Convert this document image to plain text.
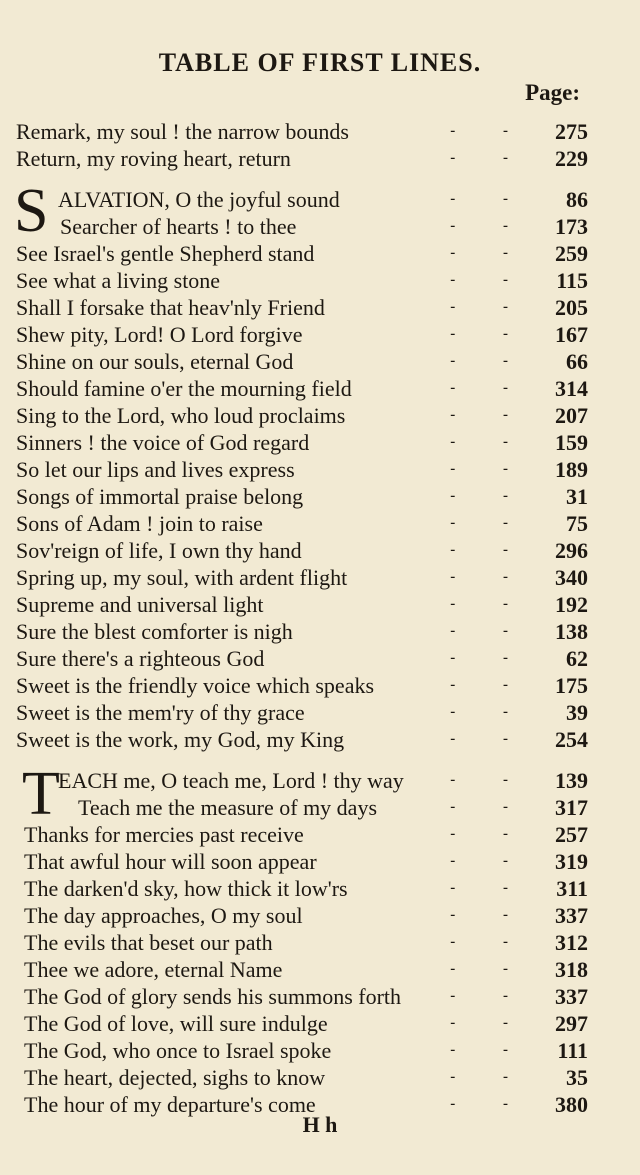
TABLE OF FIRST LINES.
Page:
Remark, my soul ! the narrow bounds	- - 275
Return, my roving heart, return	- - 229
S ALVATION, O the joyful sound	- - 86
Searcher of hearts ! to thee	- - 173
See Israel's gentle Shepherd stand	- - 259
See what a living stone	- - 115
Shall I forsake that heav'nly Friend	- - 205
Shew pity, Lord! O Lord forgive	- - 167
Shine on our souls, eternal God	- - 66
Should famine o'er the mourning field	- - 314
Sing to the Lord, who loud proclaims	- - 207
Sinners ! the voice of God regard	- - 159
So let our lips and lives express	- - 189
Songs of immortal praise belong	- - 31
Sons of Adam ! join to raise	- - 75
Sov'reign of life, I own thy hand	- - 296
Spring up, my soul, with ardent flight	- - 340
Supreme and universal light	- - 192
Sure the blest comforter is nigh	- - 138
Sure there's a righteous God	- - 62
Sweet is the friendly voice which speaks	- - 175
Sweet is the mem'ry of thy grace	- - 39
Sweet is the work, my God, my King	- - 254
T
EACH me, O teach me, Lord ! thy way	- - 139
Teach me the measure of my days	- - 317
Thanks for mercies past receive	- - 257
That awful hour will soon appear	- - 319
The darken'd sky, how thick it low'rs	- - 311
The day approaches, O my soul	- - 337
The evils that beset our path	- - 312
Thee we adore, eternal Name	- - 318
The God of glory sends his summons forth	- - 337
The God of love, will sure indulge	- - 297
The God, who once to Israel spoke	- - 111
The heart, dejected, sighs to know	- - 35
The hour of my departure's come	- - 380
H h
